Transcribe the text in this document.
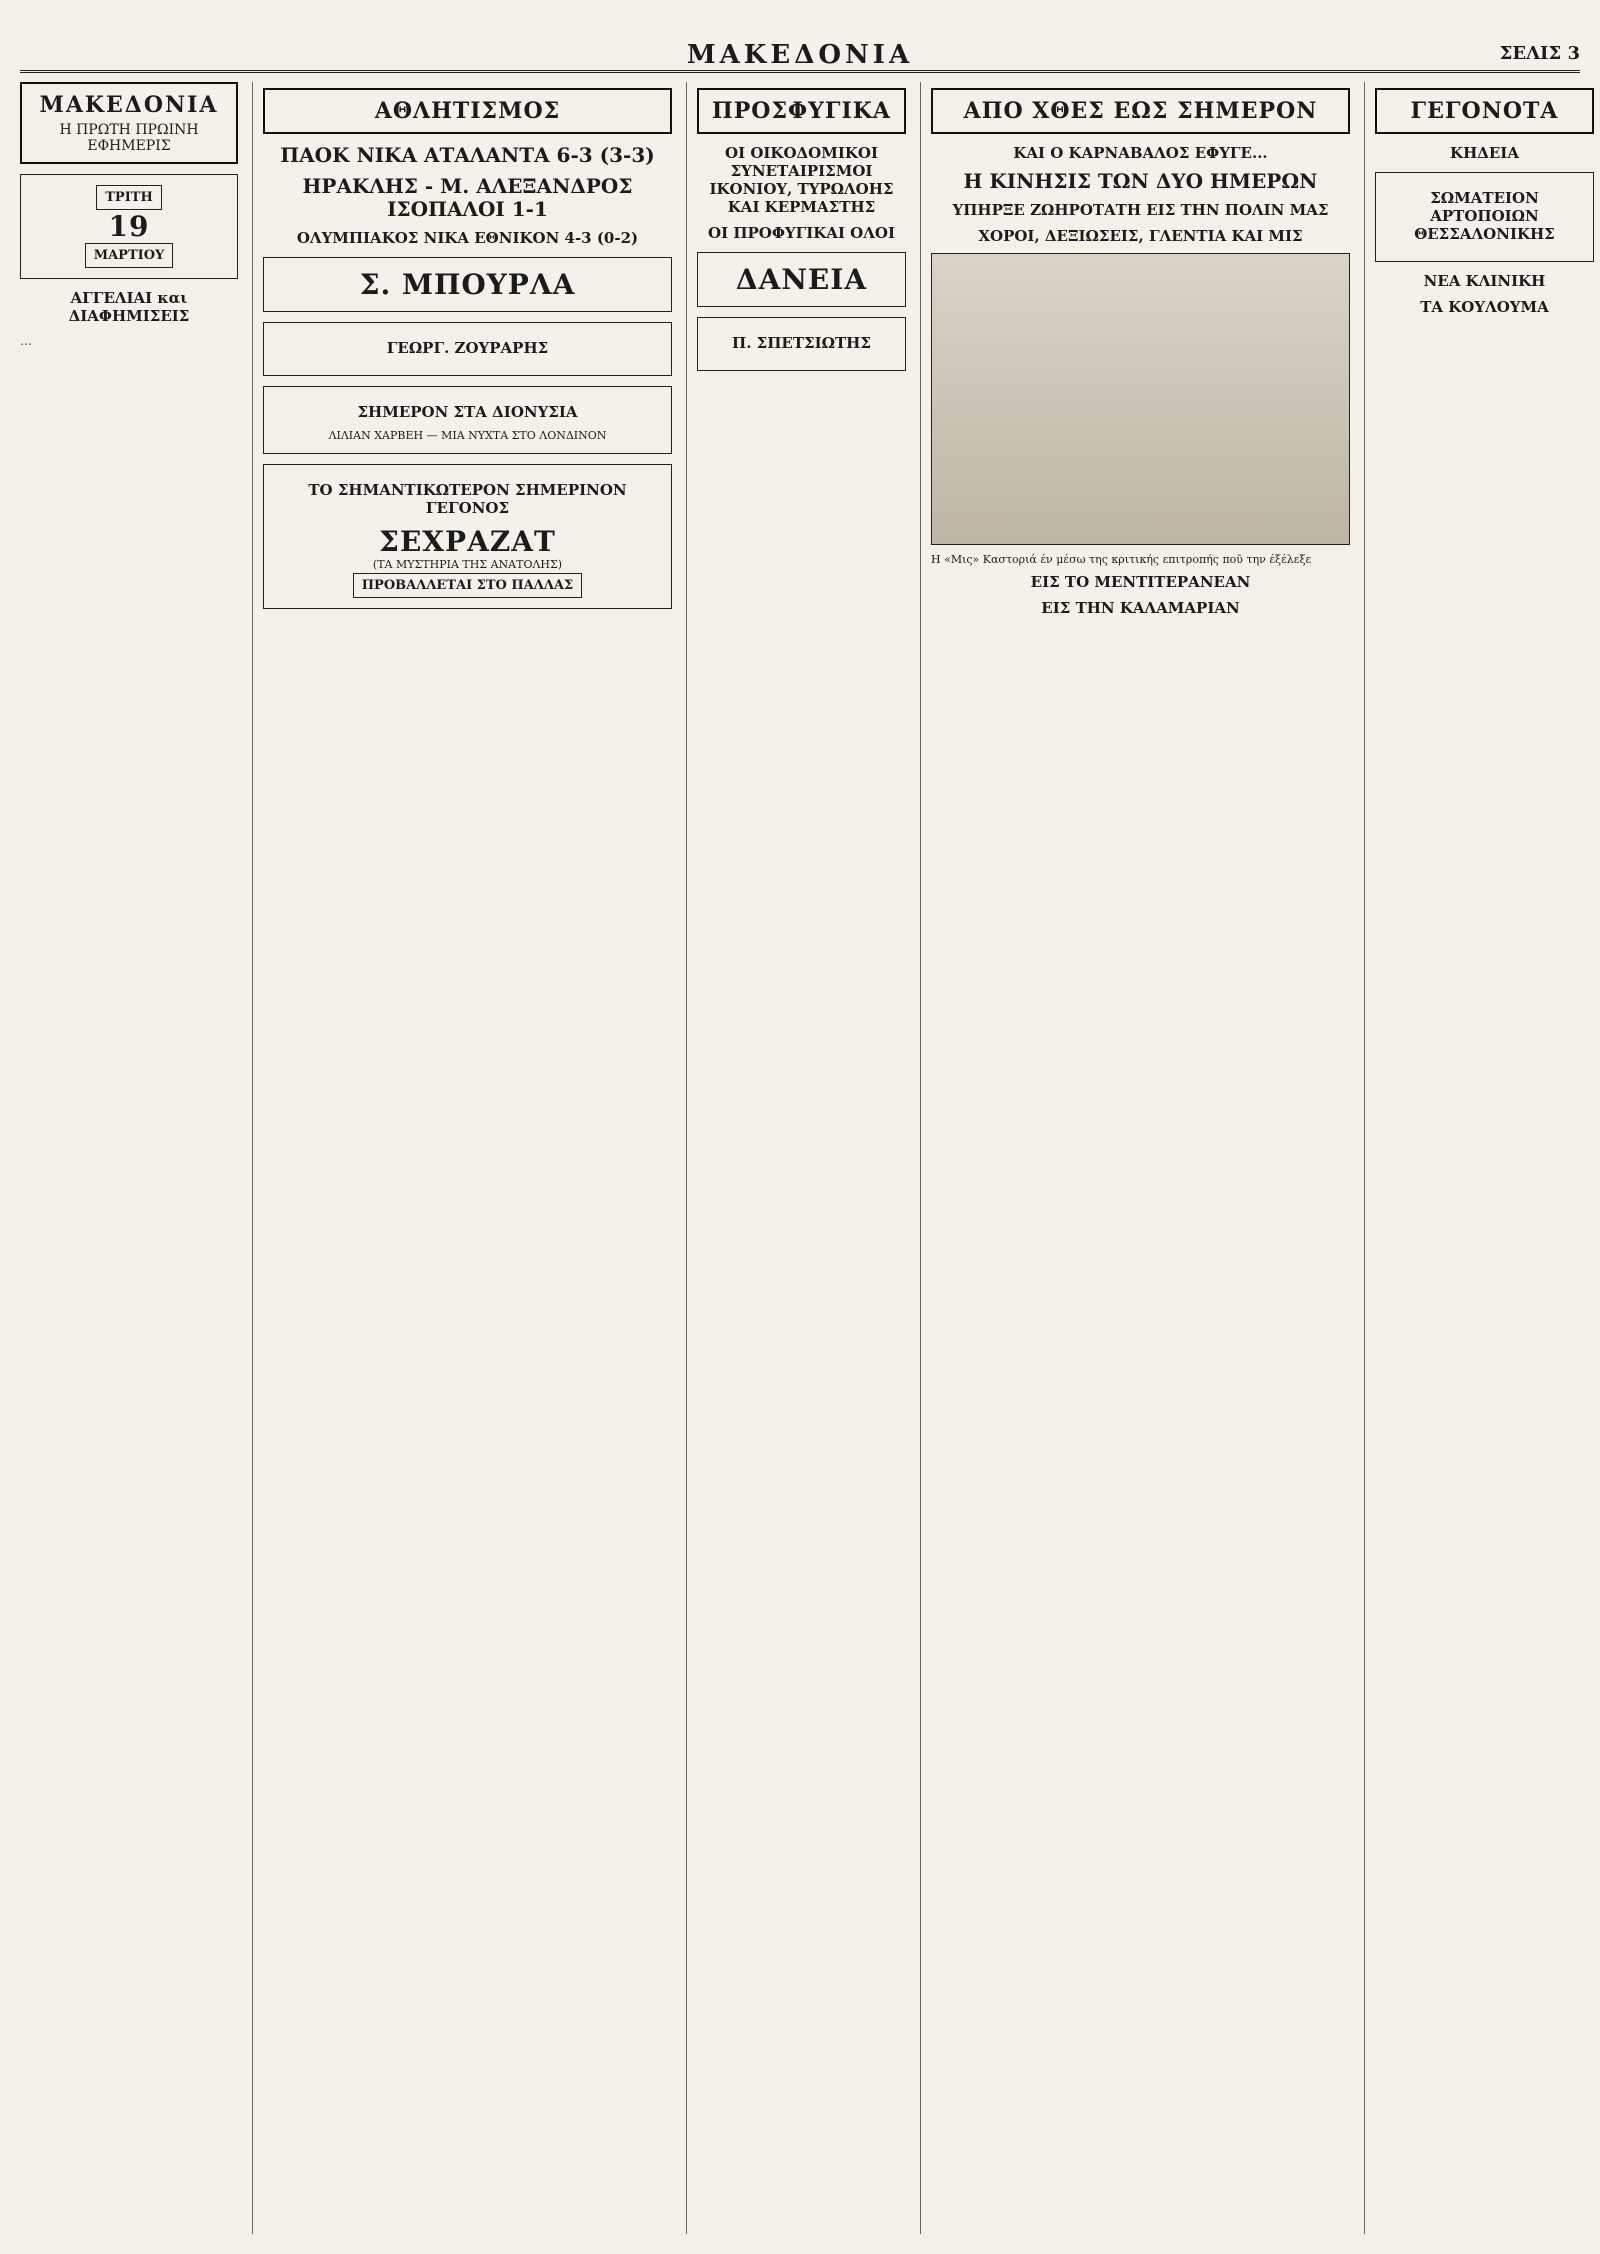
ΜΑΚΕΔΟΝΙΑ	ΣΕΛΙΣ 3
ΜΑΚΕΔΟΝΙΑ
Η ΠΡΩΤΗ ΠΡΩΙΝΗ ΕΦΗΜΕΡΙΣ
ΤΡΙΤΗ
19
ΜΑΡΤΙΟΥ
ΑΓΓΕΛΙΑΙ και ΔΙΑΦΗΜΙΣΕΙΣ
…
ΑΘΛΗΤΙΣΜΟΣ
ΠΑΟΚ ΝΙΚΑ ΑΤΑΛΑΝΤΑ 6-3 (3-3)
ΗΡΑΚΛΗΣ - Μ. ΑΛΕΞΑΝΔΡΟΣ ΙΣΟΠΑΛΟΙ 1-1
ΟΛΥΜΠΙΑΚΟΣ ΝΙΚΑ ΕΘΝΙΚΟΝ 4-3 (0-2)
Σ. ΜΠΟΥΡΛΑ
ΓΕΩΡΓ. ΖΟΥΡΑΡΗΣ
ΣΗΜΕΡΟΝ ΣΤΑ ΔΙΟΝΥΣΙΑ
ΛΙΛΙΑΝ ΧΑΡΒΕΗ — ΜΙΑ ΝΥΧΤΑ ΣΤΟ ΛΟΝΔΙΝΟΝ
ΤΟ ΣΗΜΑΝΤΙΚΩΤΕΡΟΝ ΣΗΜΕΡΙΝΟΝ ΓΕΓΟΝΟΣ
ΣΕΧΡΑΖΑΤ
(ΤΑ ΜΥΣΤΗΡΙΑ ΤΗΣ ΑΝΑΤΟΛΗΣ)
ΠΡΟΒΑΛΛΕΤΑΙ ΣΤΟ ΠΑΛΛΑΣ
ΠΡΟΣΦΥΓΙΚΑ
ΟΙ ΟΙΚΟΔΟΜΙΚΟΙ ΣΥΝΕΤΑΙΡΙΣΜΟΙ ΙΚΟΝΙΟΥ, ΤΥΡΩΛΟΗΣ ΚΑΙ ΚΕΡΜΑΣΤΗΣ
ΟΙ ΠΡΟΦΥΓΙΚΑΙ ΟΛΟΙ
ΔΑΝΕΙΑ
Π. ΣΠΕΤΣΙΩΤΗΣ
ΑΠΟ ΧΘΕΣ ΕΩΣ ΣΗΜΕΡΟΝ
ΚΑΙ Ο ΚΑΡΝΑΒΑΛΟΣ ΕΦΥΓΕ...
Η ΚΙΝΗΣΙΣ ΤΩΝ ΔΥΟ ΗΜΕΡΩΝ
ΥΠΗΡΞΕ ΖΩΗΡΟΤΑΤΗ ΕΙΣ ΤΗΝ ΠΟΛΙΝ ΜΑΣ
ΧΟΡΟΙ, ΔΕΞΙΩΣΕΙΣ, ΓΛΕΝΤΙΑ ΚΑΙ ΜΙΣ
Η «Μις» Καστοριά έν μέσω της κριτικής επιτροπής ποῦ την έξέλεξε
ΕΙΣ ΤΟ ΜΕΝΤΙΤΕΡΑΝΕΑΝ
ΕΙΣ ΤΗΝ ΚΑΛΑΜΑΡΙΑΝ
ΓΕΓΟΝΟΤΑ
ΚΗΔΕΙΑ
ΣΩΜΑΤΕΙΟΝ ΑΡΤΟΠΟΙΩΝ ΘΕΣΣΑΛΟΝΙΚΗΣ
ΝΕΑ ΚΛΙΝΙΚΗ
ΤΑ ΚΟΥΛΟΥΜΑ
